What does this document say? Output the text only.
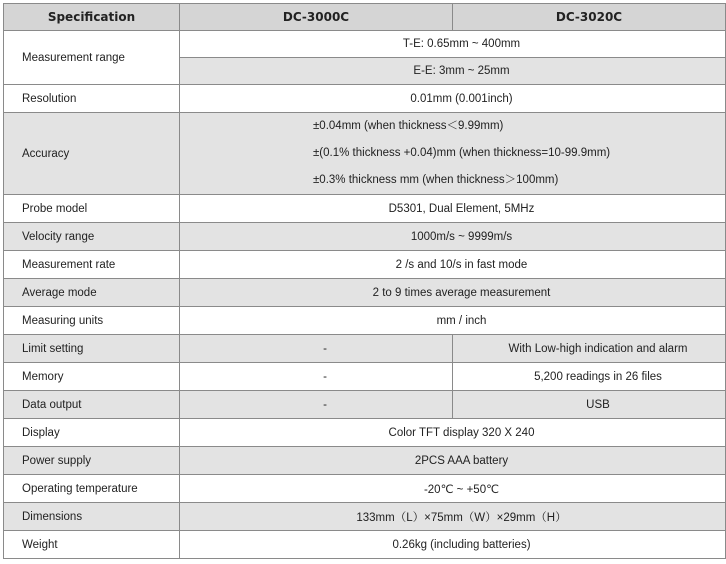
Specification	DC-3000C	DC-3020C
Measurement range	T-E: 0.65mm ~ 400mm	
	E-E: 3mm ~ 25mm	
Resolution	0.01mm (0.001inch)	
Accuracy	±0.04mm (when thickness＜9.99mm)
±(0.1% thickness +0.04)mm (when thickness=10-99.9mm)
±0.3% thickness mm (when thickness＞100mm)	

Probe model	D5301, Dual Element, 5MHz	
Velocity range	1000m/s ~ 9999m/s	
Measurement rate	2 /s and 10/s in fast mode	
Average mode	2 to 9 times average measurement	
Measuring units	mm / inch	
Limit setting	-	With Low-high indication and alarm
Memory	-	5,200 readings in 26 files
Data output	-	USB
Display	Color TFT display 320 X 240	
Power supply	2PCS AAA battery	
Operating temperature	-20℃ ~ +50℃	
Dimensions	133mm（L）×75mm（W）×29mm（H）	
Weight	0.26kg (including batteries)	
